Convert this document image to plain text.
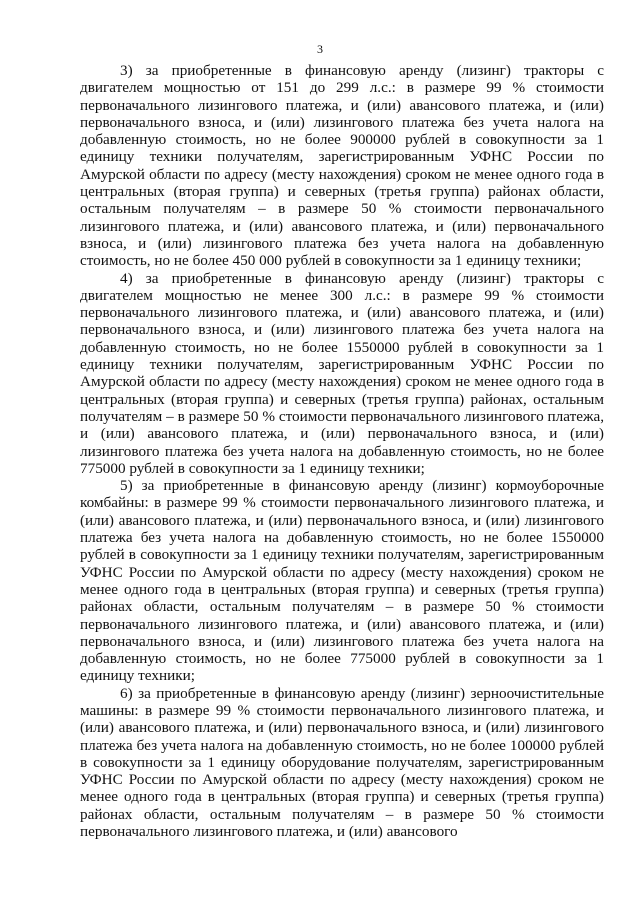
3

3) за приобретенные в финансовую аренду (лизинг) тракторы с двигателем мощностью от 151 до 299 л.с.: в размере 99 % стоимости первоначального лизингового платежа, и (или) авансового платежа, и (или) первоначального взноса, и (или) лизингового платежа без учета налога на добавленную стоимость, но не более 900000 рублей в совокупности за 1 единицу техники получателям, зарегистрированным УФНС России по Амурской области по адресу (месту нахождения) сроком не менее одного года в центральных (вторая группа) и северных (третья группа) районах области, остальным получателям – в размере 50 % стоимости первоначального лизингового платежа, и (или) авансового платежа, и (или) первоначального взноса, и (или) лизингового платежа без учета налога на добавленную стоимость, но не более 450 000 рублей в совокупности за 1 единицу техники;

4) за приобретенные в финансовую аренду (лизинг) тракторы с двигателем мощностью не менее 300 л.с.: в размере 99 % стоимости первоначального лизингового платежа, и (или) авансового платежа, и (или) первоначального взноса, и (или) лизингового платежа без учета налога на добавленную стоимость, но не более 1550000 рублей в совокупности за 1 единицу техники получателям, зарегистрированным УФНС России по Амурской области по адресу (месту нахождения) сроком не менее одного года в центральных (вторая группа) и северных (третья группа) районах, остальным получателям – в размере 50 % стоимости первоначального лизингового платежа, и (или) авансового платежа, и (или) первоначального взноса, и (или) лизингового платежа без учета налога на добавленную стоимость, но не более 775000 рублей в совокупности за 1 единицу техники;

5) за приобретенные в финансовую аренду (лизинг) кормоуборочные комбайны: в размере 99 % стоимости первоначального лизингового платежа, и (или) авансового платежа, и (или) первоначального взноса, и (или) лизингового платежа без учета налога на добавленную стоимость, но не более 1550000 рублей в совокупности за 1 единицу техники получателям, зарегистрированным УФНС России по Амурской области по адресу (месту нахождения) сроком не менее одного года в центральных (вторая группа) и северных (третья группа) районах области, остальным получателям – в размере 50 % стоимости первоначального лизингового платежа, и (или) авансового платежа, и (или) первоначального взноса, и (или) лизингового платежа без учета налога на добавленную стоимость, но не более 775000 рублей в совокупности за 1 единицу техники;

6) за приобретенные в финансовую аренду (лизинг) зерноочистительные машины: в размере 99 % стоимости первоначального лизингового платежа, и (или) авансового платежа, и (или) первоначального взноса, и (или) лизингового платежа без учета налога на добавленную стоимость, но не более 100000 рублей в совокупности за 1 единицу оборудование получателям, зарегистрированным УФНС России по Амурской области по адресу (месту нахождения) сроком не менее одного года в центральных (вторая группа) и северных (третья группа) районах области, остальным получателям – в размере 50 % стоимости первоначального лизингового платежа, и (или) авансового
